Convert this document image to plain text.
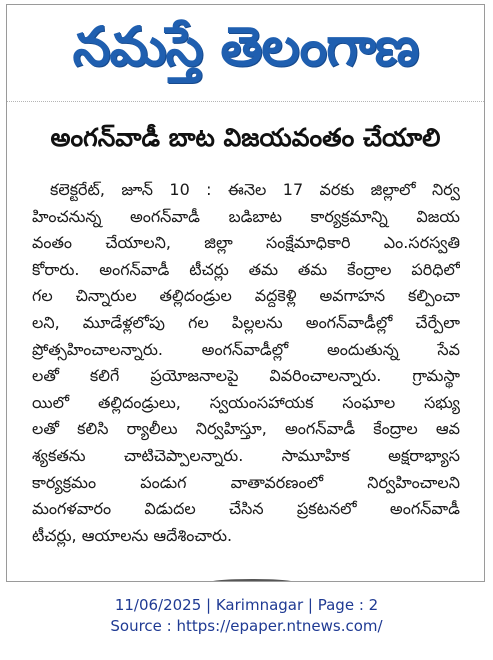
నమస్తే తెలంగాణ
అంగన్‌వాడీ బాట విజయవంతం చేయాలి
కలెక్టరేట్‌, జూన్‌ 10 : ఈనెల 17 వరకు జిల్లాలో నిర్వ
హించనున్న అంగన్‌వాడీ బడిబాట కార్యక్రమాన్ని విజయ
వంతం చేయాలని, జిల్లా సంక్షేమాధికారి ఎం.సరస్వతి
కోరారు. అంగన్‌వాడీ టీచర్లు తమ తమ కేంద్రాల పరిధిలో
గల చిన్నారుల తల్లిదండ్రుల వద్దకెళ్లి అవగాహన కల్పించా
లని, మూడేళ్లలోపు గల పిల్లలను అంగన్‌వాడీల్లో చేర్పేలా
ప్రోత్సహించాలన్నారు. అంగన్‌వాడీల్లో అందుతున్న సేవ
లతో కలిగే ప్రయోజనాలపై వివరించాలన్నారు. గ్రామస్థా
యిలో తల్లిదండ్రులు, స్వయంసహాయక సంఘాల సభ్యు
లతో కలిసి ర్యాలీలు నిర్వహిస్తూ, అంగన్‌వాడీ కేంద్రాల ఆవ
శ్యకతను చాటిచెప్పాలన్నారు. సామూహిక అక్షరాభ్యాస
కార్యక్రమం పండుగ వాతావరణంలో నిర్వహించాలని
మంగళవారం విడుదల చేసిన ప్రకటనలో అంగన్‌వాడీ
టీచర్లు, ఆయాలను ఆదేశించారు.
11/06/2025 | Karimnagar | Page : 2
Source : https://epaper.ntnews.com/
